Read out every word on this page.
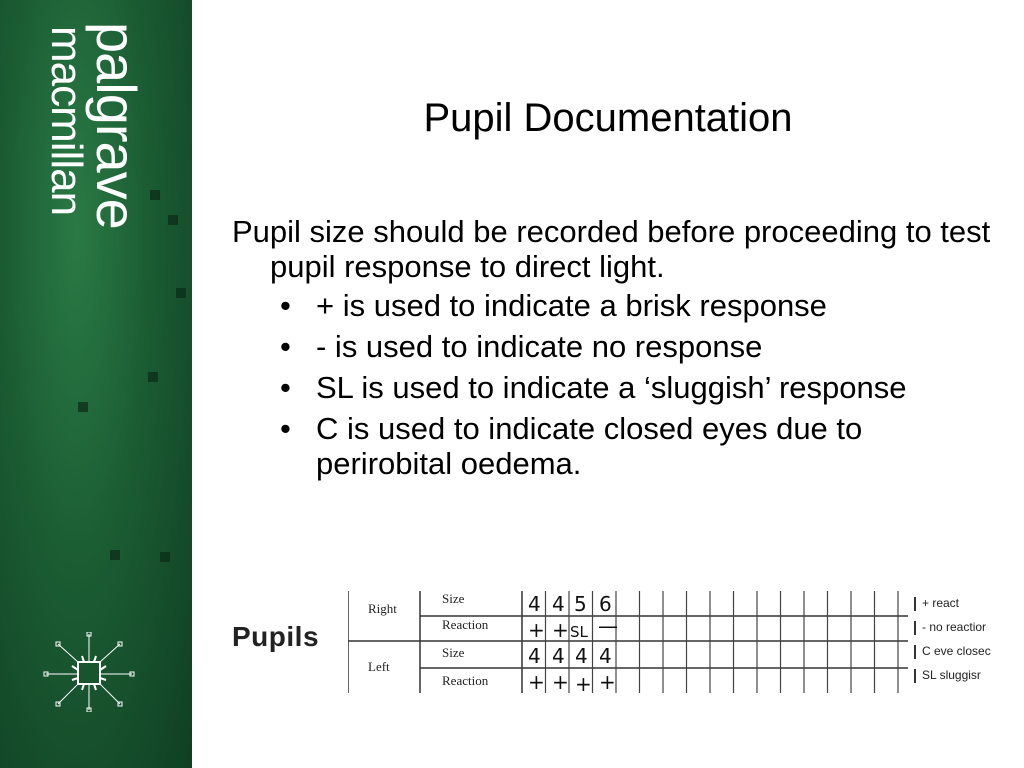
palgrave
macmillan	Pupil Documentation

Pupil size should be recorded before proceeding to test pupil response to direct light.

• + is used to indicate a brisk response
• - is used to indicate no response
• SL is used to indicate a ‘sluggish’ response
• C is used to indicate closed eyes due to perirobital oedema.
Pupils
Right
Left
Size
Reaction
Size
Reaction
4 4 5 6
+ + SL —
4 4 4 4
+ + + +
+ react
- no reactior
C eve closec
SL sluggisr
